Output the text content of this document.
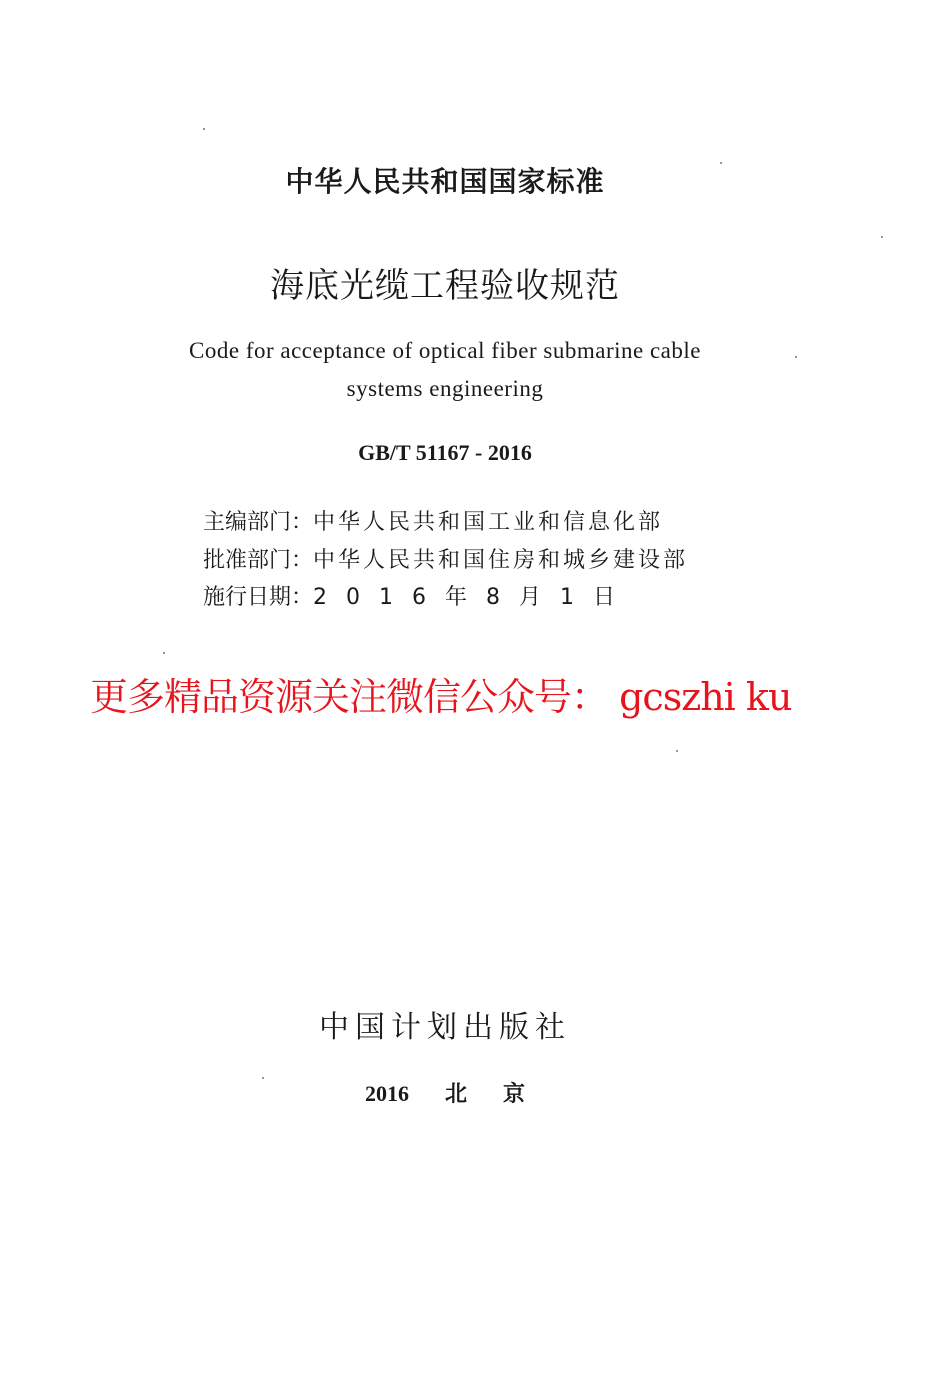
中华人民共和国国家标准
海底光缆工程验收规范
Code for acceptance of optical fiber submarine cable
systems engineering
GB/T 51167 - 2016
主编部门：中华人民共和国工业和信息化部
批准部门：中华人民共和国住房和城乡建设部
施行日期：2016年8月1日
更多精品资源关注微信公众号： gcszhi ku
中国计划出版社
2016 北 京
